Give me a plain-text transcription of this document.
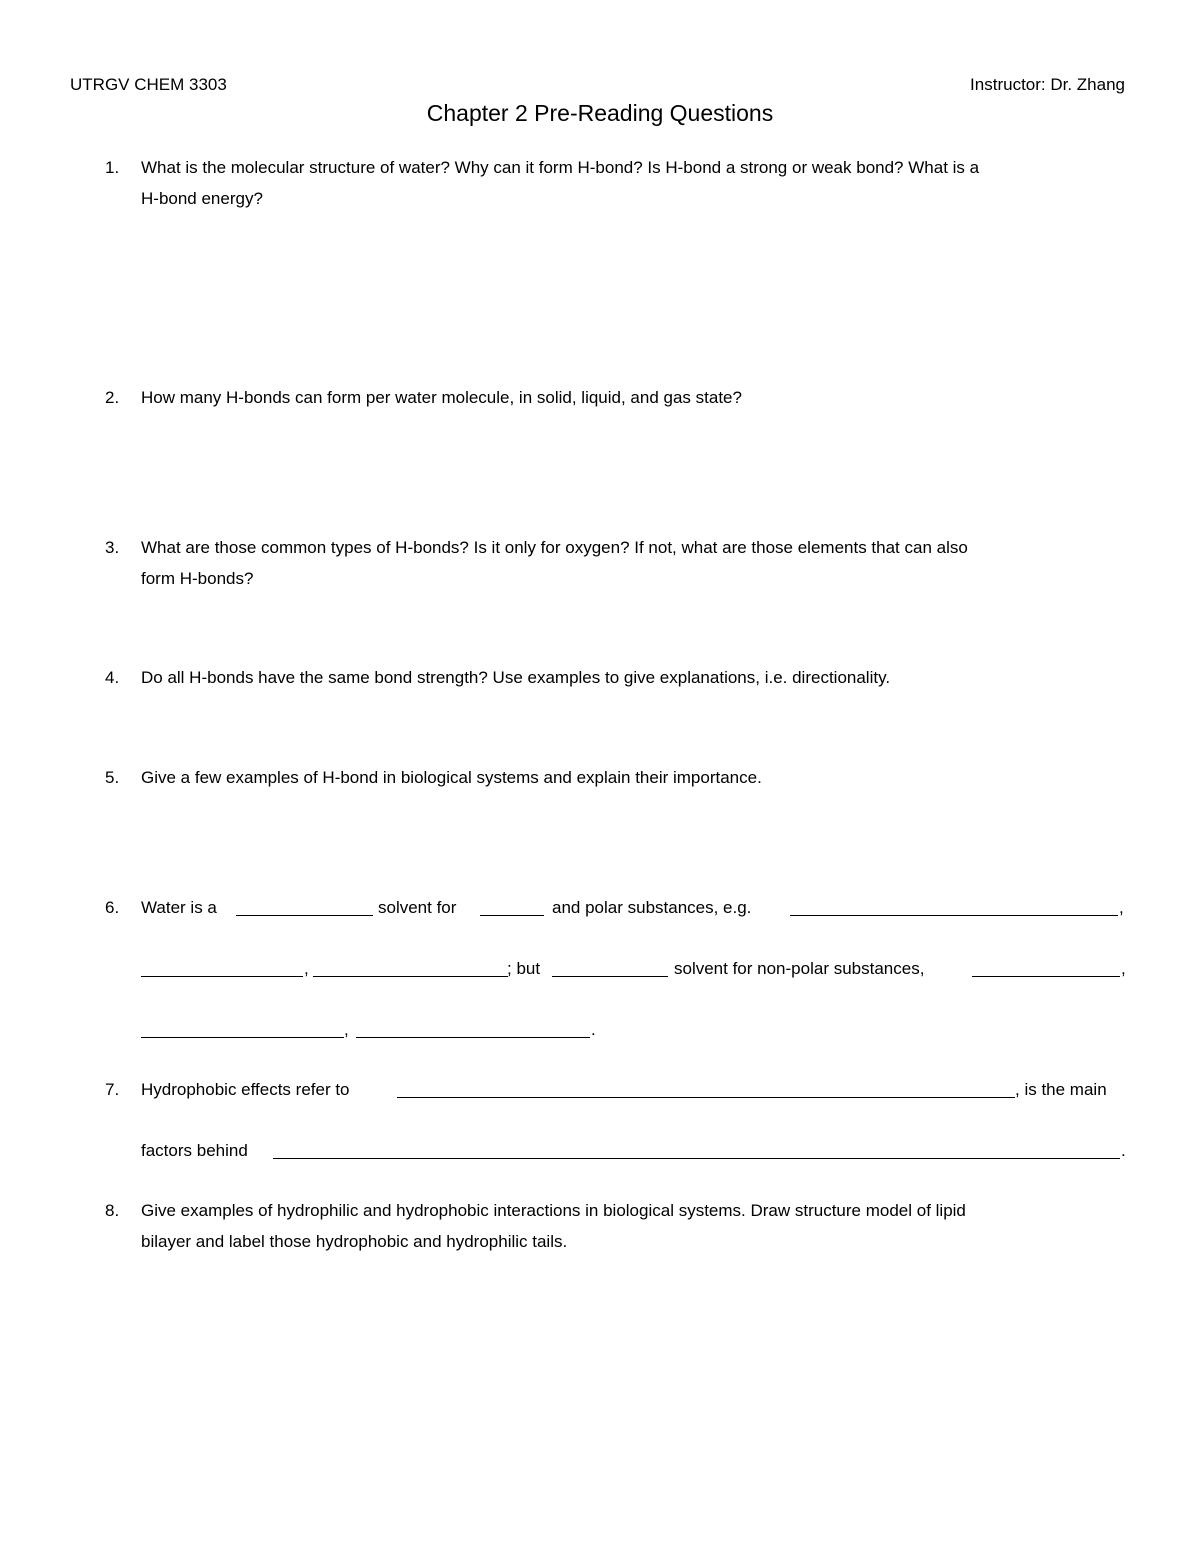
UTRGV CHEM 3303	Instructor: Dr. Zhang
Chapter 2 Pre-Reading Questions
1. What is the molecular structure of water? Why can it form H-bond? Is H-bond a strong or weak bond? What is a
H-bond energy?
2. How many H-bonds can form per water molecule, in solid, liquid, and gas state?
3. What are those common types of H-bonds? Is it only for oxygen? If not, what are those elements that can also
form H-bonds?
4. Do all H-bonds have the same bond strength? Use examples to give explanations, i.e. directionality.
5. Give a few examples of H-bond in biological systems and explain their importance.
6. Water is a	solvent for	and polar substances, e.g.	,
,	; but	solvent for non-polar substances,	,
,	.
7. Hydrophobic effects refer to	, is the main
factors behind	.
8. Give examples of hydrophilic and hydrophobic interactions in biological systems. Draw structure model of lipid
bilayer and label those hydrophobic and hydrophilic tails.
